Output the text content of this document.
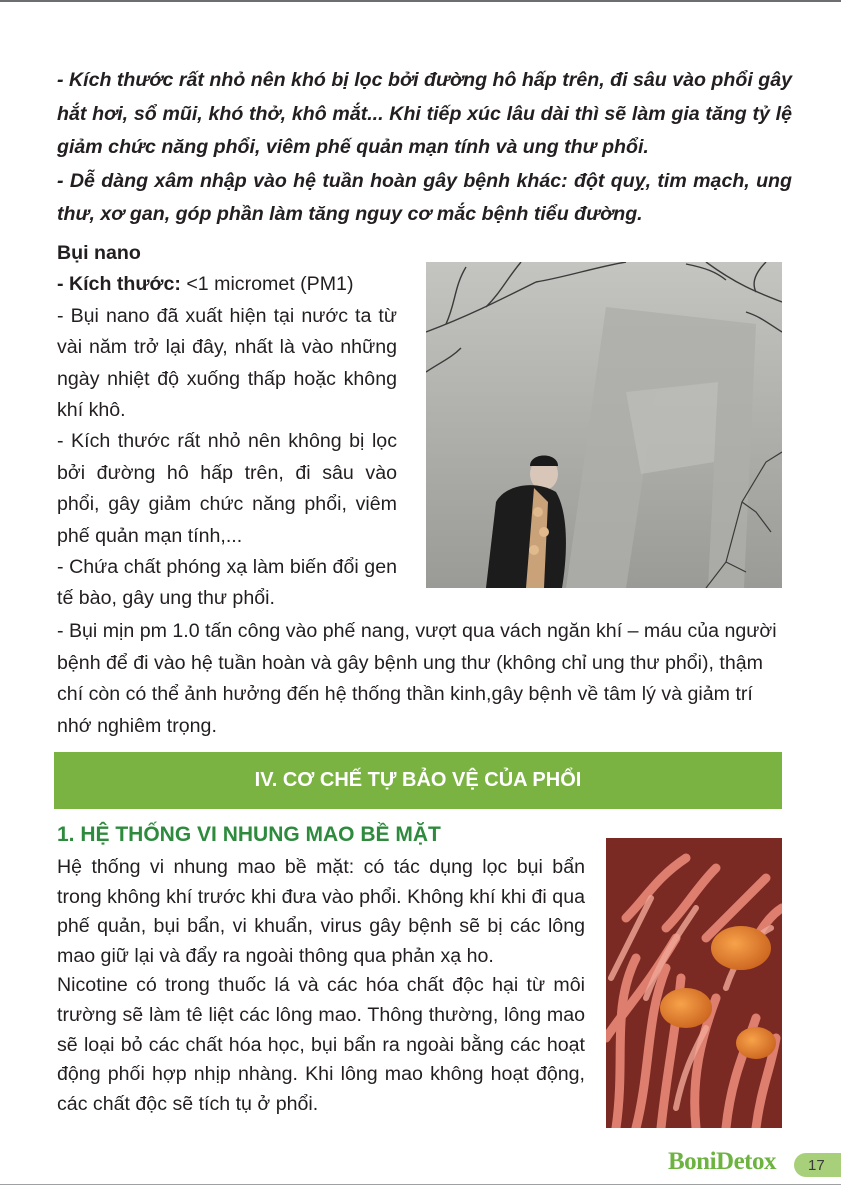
- Kích thước rất nhỏ nên khó bị lọc bởi đường hô hấp trên, đi sâu vào phổi gây hắt hơi, sổ mũi, khó thở, khô mắt... Khi tiếp xúc lâu dài thì sẽ làm gia tăng tỷ lệ giảm chức năng phổi, viêm phế quản mạn tính và ung thư phổi.

- Dễ dàng xâm nhập vào hệ tuần hoàn gây bệnh khác: đột quỵ, tim mạch, ung thư, xơ gan, góp phần làm tăng nguy cơ mắc bệnh tiểu đường.

Bụi nano

- Kích thước: <1 micromet (PM1)

- Bụi nano đã xuất hiện tại nước ta từ vài năm trở lại đây, nhất là vào những ngày nhiệt độ xuống thấp hoặc không khí khô.

- Kích thước rất nhỏ nên không bị lọc bởi đường hô hấp trên, đi sâu vào phổi, gây giảm chức năng phổi, viêm phế quản mạn tính,...

- Chứa chất phóng xạ làm biến đổi gen tế bào, gây ung thư phổi.

- Bụi mịn pm 1.0 tấn công vào phế nang, vượt qua vách ngăn khí – máu của người bệnh để đi vào hệ tuần hoàn và gây bệnh ung thư (không chỉ ung thư phổi), thậm chí còn có thể ảnh hưởng đến hệ thống thần kinh,gây bệnh về tâm lý và giảm trí nhớ nghiêm trọng.

IV. CƠ CHẾ TỰ BẢO VỆ CỦA PHỔI
1. HỆ THỐNG VI NHUNG MAO BỀ MẶT

Hệ thống vi nhung mao bề mặt: có tác dụng lọc bụi bẩn trong không khí trước khi đưa vào phổi. Không khí khi đi qua phế quản, bụi bẩn, vi khuẩn, virus gây bệnh sẽ bị các lông mao giữ lại và đẩy ra ngoài thông qua phản xạ ho.

Nicotine có trong thuốc lá và các hóa chất độc hại từ môi trường sẽ làm tê liệt các lông mao. Thông thường, lông mao sẽ loại bỏ các chất hóa học, bụi bẩn ra ngoài bằng các hoạt động phối hợp nhịp nhàng. Khi lông mao không hoạt động, các chất độc sẽ tích tụ ở phổi.

BoniDetox 17
